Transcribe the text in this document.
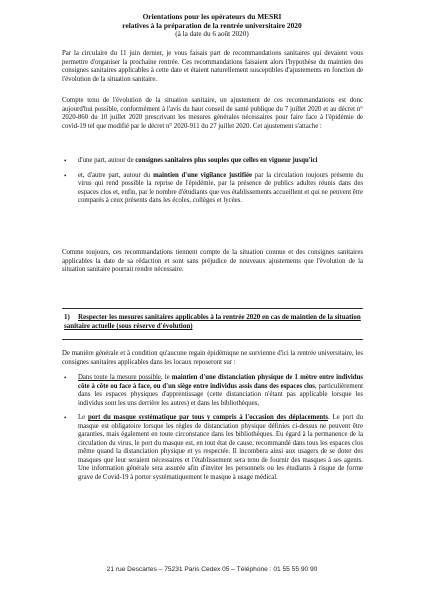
Orientations pour les opérateurs du MESRI
relatives à la préparation de la rentrée universitaire 2020
(à la date du 6 août 2020)

Par la circulaire du 11 juin dernier, je vous faisais part de recommandations sanitaires qui devaient vous permettre d'organiser la prochaine rentrée. Ces recommandations faisaient alors l'hypothèse du maintien des consignes sanitaires applicables à cette date et étaient naturellement susceptibles d'ajustements en fonction de l'évolution de la situation sanitaire.

Compte tenu de l'évolution de la situation sanitaire, un ajustement de ces recommandations est donc aujourd'hui possible, conformément à l'avis du haut conseil de santé publique du 7 juillet 2020 et au décret n° 2020-860 du 10 juillet 2020 prescrivant les mesures générales nécessaires pour faire face à l'épidémie de covid-19 tel que modifié par le décret n° 2020-911 du 27 juillet 2020. Cet ajustement s'attache :

• d'une part, autour de consignes sanitaires plus souples que celles en vigueur jusqu'ici
• et, d'autre part, autour du maintien d'une vigilance justifiée par la circulation toujours présente du virus qui rend possible la reprise de l'épidémie, par la présence de publics adultes réunis dans des espaces clos et, enfin, par le nombre d'étudiants que vos établissements accueillent et qui ne peuvent être comparés à ceux présents dans les écoles, collèges et lycées.

Comme toujours, ces recommandations tiennent compte de la situation connue et des consignes sanitaires applicables la date de sa rédaction et sont sans préjudice de nouveaux ajustements que l'évolution de la situation sanitaire pourrait rendre nécessaire.

1) Respecter les mesures sanitaires applicables à la rentrée 2020 en cas de maintien de la situation sanitaire actuelle (sous réserve d'évolution)

De manière générale et à condition qu'aucune regain épidémique ne survienne d'ici la rentrée universitaire, les consignes sanitaires applicables dans les locaux reposeront sur :

• Dans toute la mesure possible, le maintien d'une distanciation physique de 1 mètre entre individus côte à côte ou face à face, ou d'un siège entre individus assis dans des espaces clos, particulièrement dans les espaces physiques d'apprentissage (cette distanciation n'étant pas applicable lorsque les individus sont les uns derrière les autres) et dans les bibliothèques,
• Le port du masque systématique par tous y compris à l'occasion des déplacements. Le port du masque est obligatoire lorsque les règles de distanciation physique définies ci-dessus ne peuvent être garanties, mais également en toute circonstance dans les bibliothèques. Eu égard à la permanence de la circulation du virus, le port du masque est, en tout état de cause, recommandé dans tous les espaces clos même quand la distanciation physique et ys respectée. Il incombera ainsi aux usagers de se doter des masques que leur seraient nécessaires et l'établissement sera tenu de fournir des masques à ses agents. Une information générale sera assurée afin d'inviter les personnels ou les étudiants à risque de forme grave de Covid-19 à porter systématiquement le masque à usage médical.
21 rue Descartes – 75231 Paris Cedex 05 – Téléphone : 01 55 55 90 90
